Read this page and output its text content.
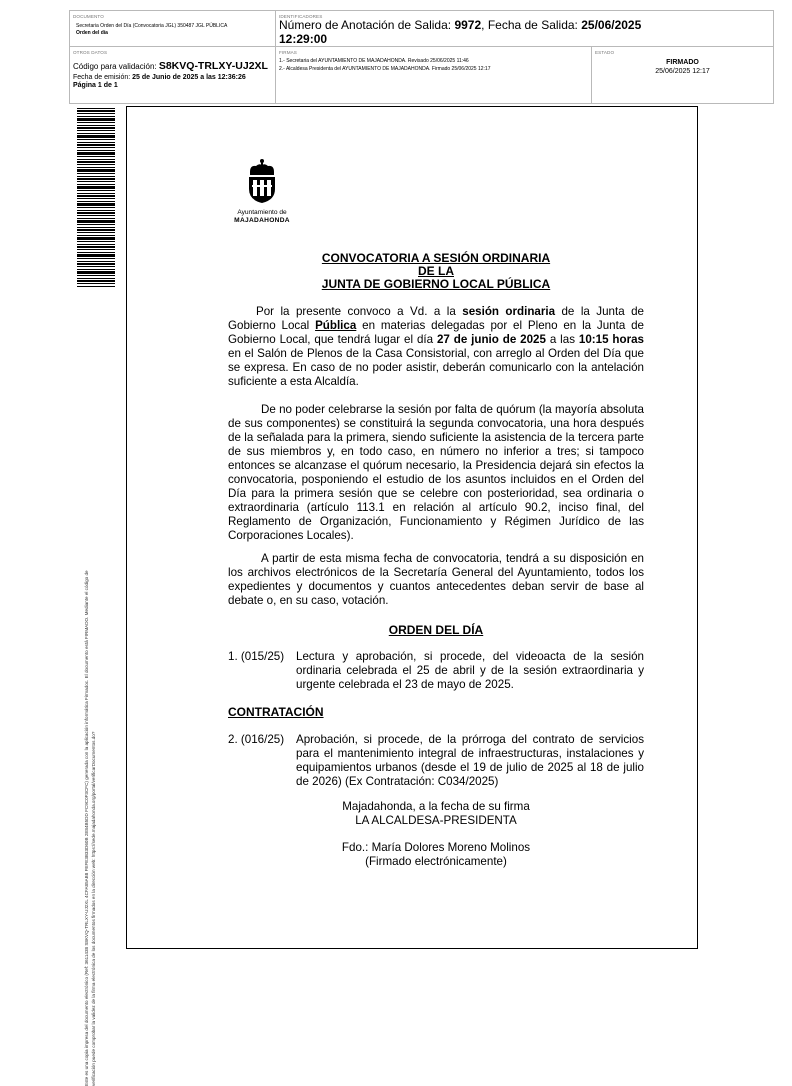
DOCUMENTO
Secretaria Orden del Día (Convocatoria JGL) 350487 JGL PÚBLICA
Orden del día
IDENTIFICADORES
Número de Anotación de Salida: 9972, Fecha de Salida: 25/06/2025
12:29:00
OTROS DATOS
Código para validación: S8KVQ-TRLXY-UJ2XL
Fecha de emisión: 25 de Junio de 2025 a las 12:36:26
Página 1 de 1
FIRMAS
1.- Secretaria del AYUNTAMIENTO DE MAJADAHONDA. Revisado 25/06/2025 11:46
2.- Alcaldesa Presidenta del AYUNTAMIENTO DE MAJADAHONDA. Firmado 25/06/2025 12:17
ESTADO
FIRMADO
25/06/2025 12:17
Este es una copia impresa del documento electrónico (Ref: 3611438 S8KVQ-TRLXY-UJ2XL 4CFA85AB8 FEFE3B33D60B 2E84B5DD FC9C0F3CFC) generada con la aplicación informática Firmadoc. El documento está FIRMADO. Mediante el código de verificación puede comprobar la validez de la firma electrónica de los documentos firmados en la dirección web: https://sede.majadahonda.org/portal/verificarDocumentos.do?
Ayuntamiento de
MAJADAHONDA
CONVOCATORIA A SESIÓN ORDINARIA
DE LA
JUNTA DE GOBIERNO LOCAL PÚBLICA
Por la presente convoco a Vd. a la sesión ordinaria de la Junta de Gobierno Local Pública en materias delegadas por el Pleno en la Junta de Gobierno Local, que tendrá lugar el día 27 de junio de 2025 a las 10:15 horas en el Salón de Plenos de la Casa Consistorial, con arreglo al Orden del Día que se expresa. En caso de no poder asistir, deberán comunicarlo con la antelación suficiente a esta Alcaldía.
De no poder celebrarse la sesión por falta de quórum (la mayoría absoluta de sus componentes) se constituirá la segunda convocatoria, una hora después de la señalada para la primera, siendo suficiente la asistencia de la tercera parte de sus miembros y, en todo caso, en número no inferior a tres; si tampoco entonces se alcanzase el quórum necesario, la Presidencia dejará sin efectos la convocatoria, posponiendo el estudio de los asuntos incluidos en el Orden del Día para la primera sesión que se celebre con posterioridad, sea ordinaria o extraordinaria (artículo 113.1 en relación al artículo 90.2, inciso final, del Reglamento de Organización, Funcionamiento y Régimen Jurídico de las Corporaciones Locales).
A partir de esta misma fecha de convocatoria, tendrá a su disposición en los archivos electrónicos de la Secretaría General del Ayuntamiento, todos los expedientes y documentos y cuantos antecedentes deban servir de base al debate o, en su caso, votación.
ORDEN DEL DÍA
1. (015/25) Lectura y aprobación, si procede, del videoacta de la sesión ordinaria celebrada el 25 de abril y de la sesión extraordinaria y urgente celebrada el 23 de mayo de 2025.
CONTRATACIÓN
2. (016/25) Aprobación, si procede, de la prórroga del contrato de servicios para el mantenimiento integral de infraestructuras, instalaciones y equipamientos urbanos (desde el 19 de julio de 2025 al 18 de julio de 2026) (Ex Contratación: C034/2025)
Majadahonda, a la fecha de su firma
LA ALCALDESA-PRESIDENTA
Fdo.: María Dolores Moreno Molinos
(Firmado electrónicamente)
